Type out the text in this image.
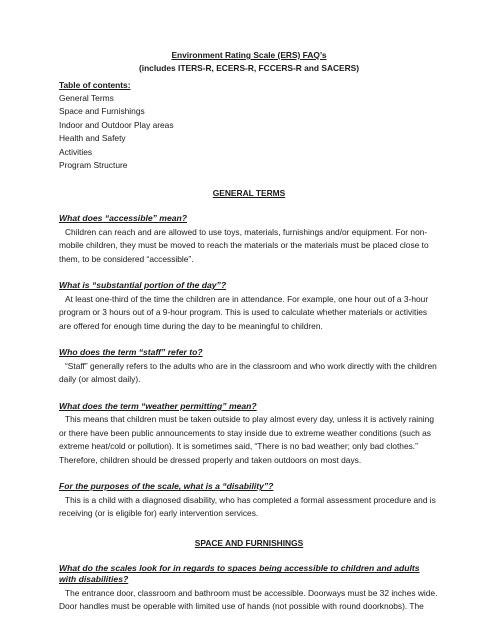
Environment Rating Scale (ERS) FAQ’s

(includes ITERS-R, ECERS-R, FCCERS-R and SACERS)

Table of contents:

General Terms

Space and Furnishings

Indoor and Outdoor Play areas

Health and Safety

Activities

Program Structure

GENERAL TERMS

What does “accessible” mean?

Children can reach and are allowed to use toys, materials, furnishings and/or equipment. For non-mobile children, they must be moved to reach the materials or the materials must be placed close to them, to be considered “accessible”.

What is “substantial portion of the day”?

At least one-third of the time the children are in attendance. For example, one hour out of a 3-hour program or 3 hours out of a 9-hour program. This is used to calculate whether materials or activities are offered for enough time during the day to be meaningful to children.

Who does the term “staff” refer to?

“Staff” generally refers to the adults who are in the classroom and who work directly with the children daily (or almost daily).

What does the term “weather permitting” mean?

This means that children must be taken outside to play almost every day, unless it is actively raining or there have been public announcements to stay inside due to extreme weather conditions (such as extreme heat/cold or pollution). It is sometimes said, “There is no bad weather; only bad clothes.” Therefore, children should be dressed properly and taken outdoors on most days.

For the purposes of the scale, what is a “disability”?

This is a child with a diagnosed disability, who has completed a formal assessment procedure and is receiving (or is eligible for) early intervention services.

SPACE AND FURNISHINGS

What do the scales look for in regards to spaces being accessible to children and adults with disabilities?

The entrance door, classroom and bathroom must be accessible. Doorways must be 32 inches wide. Door handles must be operable with limited use of hands (not possible with round doorknobs). The
